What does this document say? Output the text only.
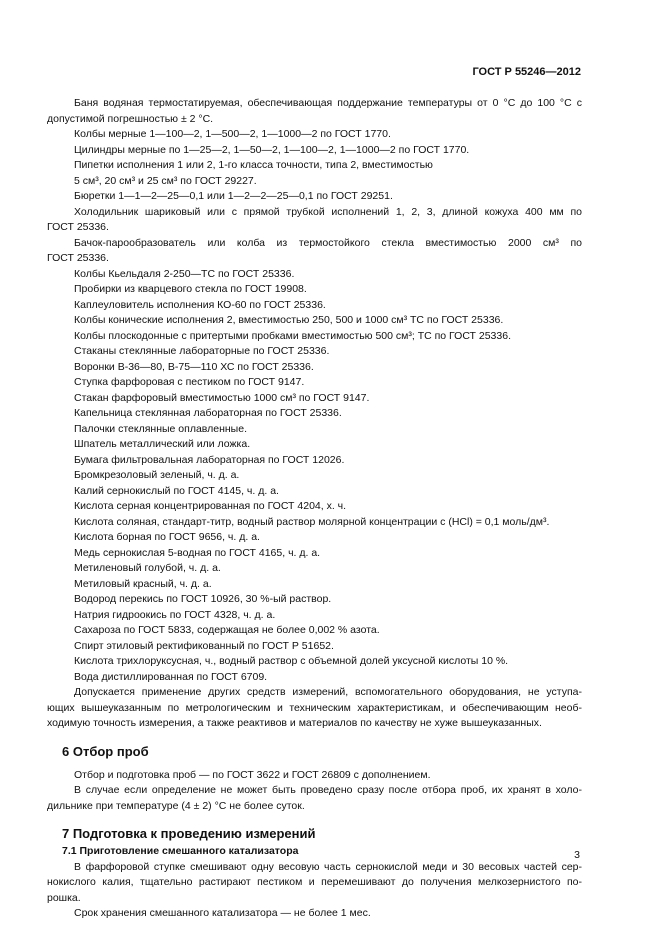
ГОСТ Р 55246—2012
Баня водяная термостатируемая, обеспечивающая поддержание температуры от 0 °С до 100 °С с
допустимой погрешностью ± 2 °С.
Колбы мерные 1—100—2, 1—500—2, 1—1000—2 по ГОСТ 1770.
Цилиндры мерные по 1—25—2, 1—50—2, 1—100—2, 1—1000—2 по ГОСТ 1770.
Пипетки исполнения 1 или 2, 1-го класса точности, типа 2, вместимостью
5 см³, 20 см³ и 25 см³ по ГОСТ 29227.
Бюретки 1—1—2—25—0,1 или 1—2—2—25—0,1 по ГОСТ 29251.
Холодильник шариковый или с прямой трубкой исполнений 1, 2, 3, длиной кожуха 400 мм по
ГОСТ 25336.
Бачок-парообразователь или колба из термостойкого стекла вместимостью 2000 см³ по
ГОСТ 25336.
Колбы Кьельдаля 2-250—ТС по ГОСТ 25336.
Пробирки из кварцевого стекла по ГОСТ 19908.
Каплеуловитель исполнения КО-60 по ГОСТ 25336.
Колбы конические исполнения 2, вместимостью 250, 500 и 1000 см³ ТС по ГОСТ 25336.
Колбы плоскодонные с притертыми пробками вместимостью 500 см³; ТС по ГОСТ 25336.
Стаканы стеклянные лабораторные по ГОСТ 25336.
Воронки В-36—80, В-75—110 ХС по ГОСТ 25336.
Ступка фарфоровая с пестиком по ГОСТ 9147.
Стакан фарфоровый вместимостью 1000 см³ по ГОСТ 9147.
Капельница стеклянная лабораторная по ГОСТ 25336.
Палочки стеклянные оплавленные.
Шпатель металлический или ложка.
Бумага фильтровальная лабораторная по ГОСТ 12026.
Бромкрезоловый зеленый, ч. д. а.
Калий сернокислый по ГОСТ 4145, ч. д. а.
Кислота серная концентрированная по ГОСТ 4204, х. ч.
Кислота соляная, стандарт-титр, водный раствор молярной концентрации с (HCl) = 0,1 моль/дм³.
Кислота борная по ГОСТ 9656, ч. д. а.
Медь сернокислая 5-водная по ГОСТ 4165, ч. д. а.
Метиленовый голубой, ч. д. а.
Метиловый красный, ч. д. а.
Водород перекись по ГОСТ 10926, 30 %-ый раствор.
Натрия гидроокись по ГОСТ 4328, ч. д. а.
Сахароза по ГОСТ 5833, содержащая не более 0,002 % азота.
Спирт этиловый ректификованный по ГОСТ Р 51652.
Кислота трихлоруксусная, ч., водный раствор с объемной долей уксусной кислоты 10 %.
Вода дистиллированная по ГОСТ 6709.
Допускается применение других средств измерений, вспомогательного оборудования, не уступа-
ющих вышеуказанным по метрологическим и техническим характеристикам, и обеспечивающим необ-
ходимую точность измерения, а также реактивов и материалов по качеству не хуже вышеуказанных.
6 Отбор проб
Отбор и подготовка проб — по ГОСТ 3622 и ГОСТ 26809 с дополнением.
В случае если определение не может быть проведено сразу после отбора проб, их хранят в холо-
дильнике при температуре (4 ± 2) °С не более суток.
7 Подготовка к проведению измерений
7.1 Приготовление смешанного катализатора
В фарфоровой ступке смешивают одну весовую часть сернокислой меди и 30 весовых частей сер-
нокислого калия, тщательно растирают пестиком и перемешивают до получения мелкозернистого по-
рошка.
Срок хранения смешанного катализатора — не более 1 мес.
3
